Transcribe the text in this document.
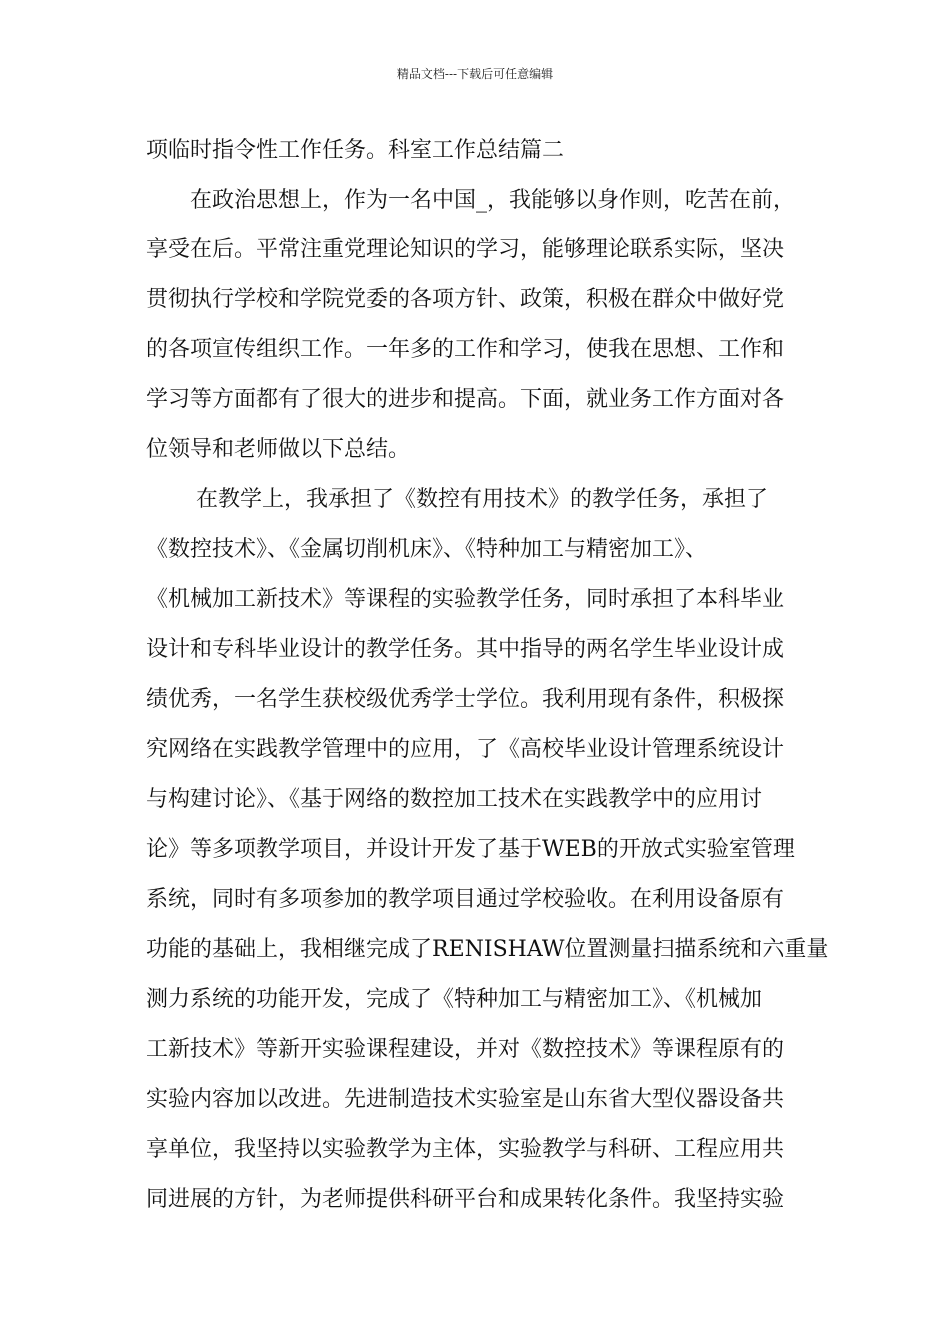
精品文档---下载后可任意编辑

项临时指令性工作任务。科室工作总结篇二

在政治思想上，作为一名中国_，我能够以身作则，吃苦在前，

享受在后。平常注重党理论知识的学习，能够理论联系实际，坚决

贯彻执行学校和学院党委的各项方针、政策，积极在群众中做好党

的各项宣传组织工作。一年多的工作和学习，使我在思想、工作和

学习等方面都有了很大的进步和提高。下面，就业务工作方面对各

位领导和老师做以下总结。

在教学上，我承担了《数控有用技术》的教学任务，承担了

《数控技术》、《金属切削机床》、《特种加工与精密加工》、

《机械加工新技术》等课程的实验教学任务，同时承担了本科毕业

设计和专科毕业设计的教学任务。其中指导的两名学生毕业设计成

绩优秀，一名学生获校级优秀学士学位。我利用现有条件，积极探

究网络在实践教学管理中的应用，了《高校毕业设计管理系统设计

与构建讨论》、《基于网络的数控加工技术在实践教学中的应用讨

论》等多项教学项目，并设计开发了基于WEB的开放式实验室管理

系统，同时有多项参加的教学项目通过学校验收。在利用设备原有

功能的基础上，我相继完成了RENISHAW位置测量扫描系统和六重量

测力系统的功能开发，完成了《特种加工与精密加工》、《机械加

工新技术》等新开实验课程建设，并对《数控技术》等课程原有的

实验内容加以改进。先进制造技术实验室是山东省大型仪器设备共

享单位，我坚持以实验教学为主体，实验教学与科研、工程应用共

同进展的方针，为老师提供科研平台和成果转化条件。我坚持实验
